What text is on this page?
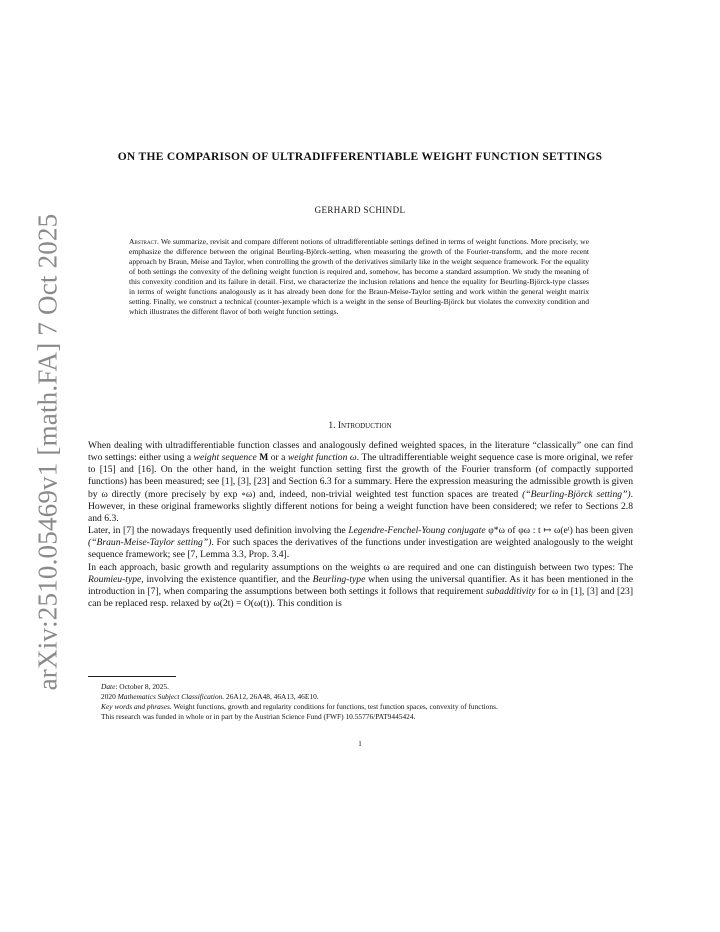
arXiv:2510.05469v1 [math.FA] 7 Oct 2025
ON THE COMPARISON OF ULTRADIFFERENTIABLE WEIGHT FUNCTION SETTINGS
GERHARD SCHINDL
Abstract. We summarize, revisit and compare different notions of ultradifferentiable settings defined in terms of weight functions. More precisely, we emphasize the difference between the original Beurling-Björck-setting, when measuring the growth of the Fourier-transform, and the more recent approach by Braun, Meise and Taylor, when controlling the growth of the derivatives similarly like in the weight sequence framework. For the equality of both settings the convexity of the defining weight function is required and, somehow, has become a standard assumption. We study the meaning of this convexity condition and its failure in detail. First, we characterize the inclusion relations and hence the equality for Beurling-Björck-type classes in terms of weight functions analogously as it has already been done for the Braun-Meise-Taylor setting and work within the general weight matrix setting. Finally, we construct a technical (counter-)example which is a weight in the sense of Beurling-Björck but violates the convexity condition and which illustrates the different flavor of both weight function settings.
1. Introduction

When dealing with ultradifferentiable function classes and analogously defined weighted spaces, in the literature “classically” one can find two settings: either using a weight sequence M or a weight function ω. The ultradifferentiable weight sequence case is more original, we refer to [15] and [16]. On the other hand, in the weight function setting first the growth of the Fourier transform (of compactly supported functions) has been measured; see [1], [3], [23] and Section 6.3 for a summary. Here the expression measuring the admissible growth is given by ω directly (more precisely by exp ∘ω) and, indeed, non-trivial weighted test function spaces are treated (“Beurling-Björck setting”). However, in these original frameworks slightly different notions for being a weight function have been considered; we refer to Sections 2.8 and 6.3.

Later, in [7] the nowadays frequently used definition involving the Legendre-Fenchel-Young conjugate φ*ω of φω : t ↦ ω(eᵗ) has been given (“Braun-Meise-Taylor setting”). For such spaces the derivatives of the functions under investigation are weighted analogously to the weight sequence framework; see [7, Lemma 3.3, Prop. 3.4].

In each approach, basic growth and regularity assumptions on the weights ω are required and one can distinguish between two types: The Roumieu-type, involving the existence quantifier, and the Beurling-type when using the universal quantifier. As it has been mentioned in the introduction in [7], when comparing the assumptions between both settings it follows that requirement subadditivity for ω in [1], [3] and [23] can be replaced resp. relaxed by ω(2t) = O(ω(t)). This condition is

Date: October 8, 2025.

2020 Mathematics Subject Classification. 26A12, 26A48, 46A13, 46E10.

Key words and phrases. Weight functions, growth and regularity conditions for functions, test function spaces, convexity of functions.

This research was funded in whole or in part by the Austrian Science Fund (FWF) 10.55776/PAT9445424.

1
